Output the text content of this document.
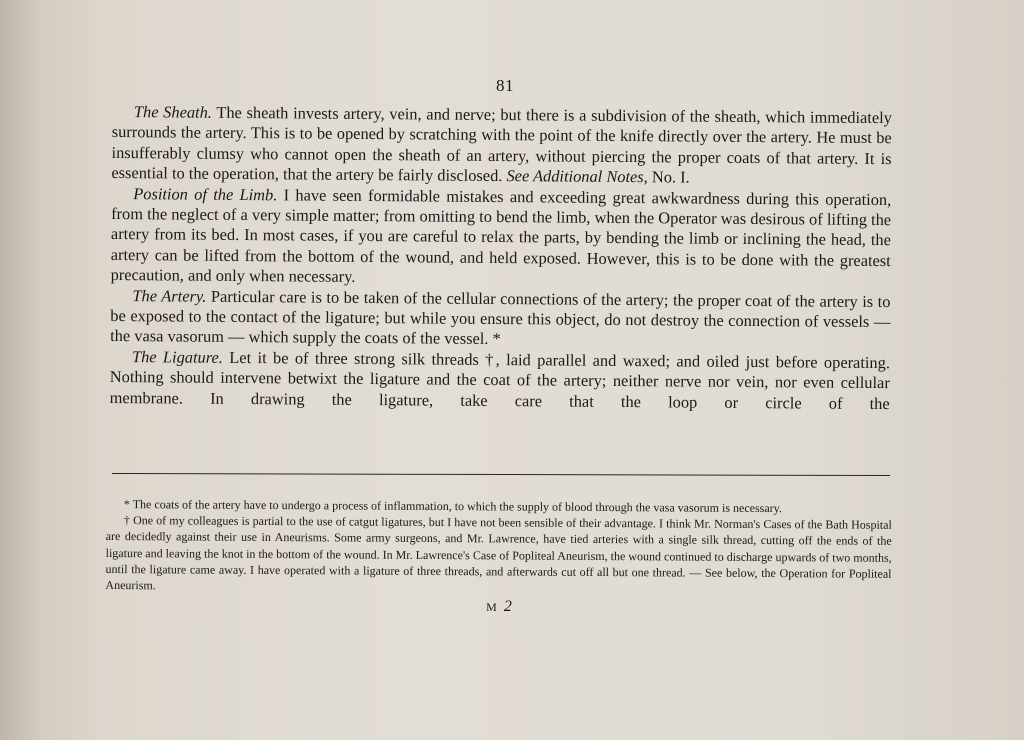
81

The Sheath. The sheath invests artery, vein, and nerve; but there is a subdivision of the sheath, which immediately surrounds the artery. This is to be opened by scratching with the point of the knife directly over the artery. He must be insufferably clumsy who cannot open the sheath of an artery, without piercing the proper coats of that artery. It is essential to the operation, that the artery be fairly disclosed. See Additional Notes, No. I.

Position of the Limb. I have seen formidable mistakes and exceeding great awkwardness during this operation, from the neglect of a very simple matter; from omitting to bend the limb, when the Operator was desirous of lifting the artery from its bed. In most cases, if you are careful to relax the parts, by bending the limb or inclining the head, the artery can be lifted from the bottom of the wound, and held exposed. However, this is to be done with the greatest precaution, and only when necessary.

The Artery. Particular care is to be taken of the cellular connections of the artery; the proper coat of the artery is to be exposed to the contact of the ligature; but while you ensure this object, do not destroy the connection of vessels — the vasa vasorum — which supply the coats of the vessel. *

The Ligature. Let it be of three strong silk threads †, laid parallel and waxed; and oiled just before operating. Nothing should intervene betwixt the ligature and the coat of the artery; neither nerve nor vein, nor even cellular membrane. In drawing the ligature, take care that the loop or circle of the

* The coats of the artery have to undergo a process of inflammation, to which the supply of blood through the vasa vasorum is necessary.

† One of my colleagues is partial to the use of catgut ligatures, but I have not been sensible of their advantage. I think Mr. Norman's Cases of the Bath Hospital are decidedly against their use in Aneurisms. Some army surgeons, and Mr. Lawrence, have tied arteries with a single silk thread, cutting off the ends of the ligature and leaving the knot in the bottom of the wound. In Mr. Lawrence's Case of Popliteal Aneurism, the wound continued to discharge upwards of two months, until the ligature came away. I have operated with a ligature of three threads, and afterwards cut off all but one thread. — See below, the Operation for Popliteal Aneurism.

M 2
